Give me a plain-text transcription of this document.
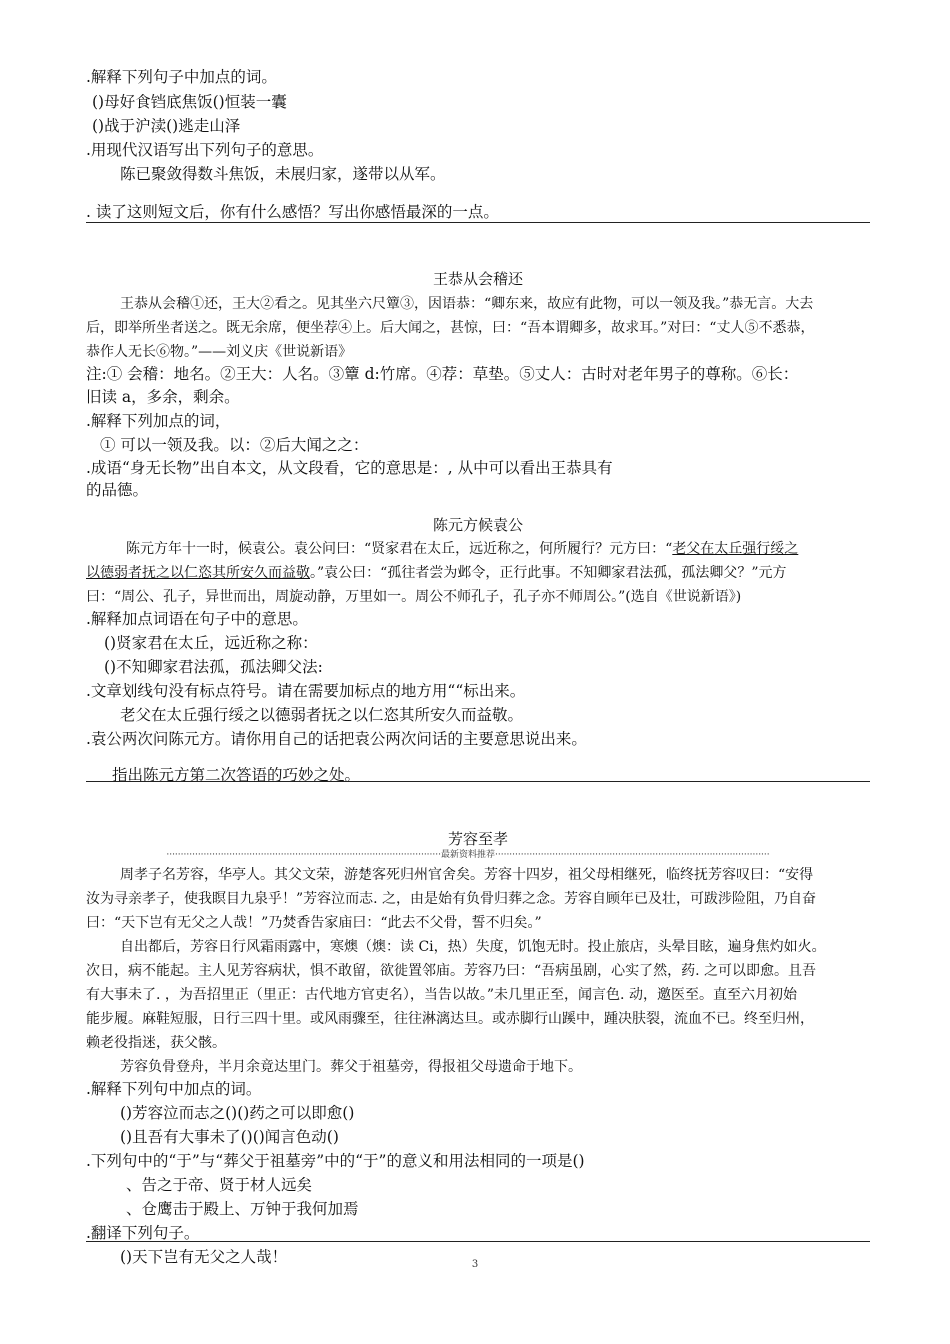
.解释下列句子中加点的词。
()母好食铛底焦饭()恒装一囊
()战于沪渎()逃走山泽
.用现代汉语写出下列句子的意思。
陈已聚敛得数斗焦饭，未展归家，遂带以从军。
. 读了这则短文后，你有什么感悟？写出你感悟最深的一点。
王恭从会稽还
王恭从会稽①还，王大②看之。见其坐六尺簟③，因语恭：“卿东来，故应有此物，可以一领及我。”恭无言。大去
后，即举所坐者送之。既无余席，便坐荐④上。后大闻之，甚惊，曰：“吾本谓卿多，故求耳。”对曰：“丈人⑤不悉恭，
恭作人无长⑥物。”——刘义庆《世说新语》
注:① 会稽：地名。②王大：人名。③簟 d:竹席。④荐：草垫。⑤丈人：古时对老年男子的尊称。⑥长：
旧读 a，多余，剩余。
.解释下列加点的词，
① 可以一领及我。以：②后大闻之之：
.成语“身无长物”出自本文，从文段看，它的意思是：, 从中可以看出王恭具有
的品德。
陈元方候袁公
陈元方年十一时，候袁公。袁公问曰：“贤家君在太丘，远近称之，何所履行？元方曰：“老父在太丘强行绥之
以德弱者抚之以仁恣其所安久而益敬。”袁公曰：“孤往者尝为邺令，正行此事。不知卿家君法孤，孤法卿父？”元方
曰：“周公、孔子，异世而出，周旋动静，万里如一。周公不师孔子，孔子亦不师周公。”(选自《世说新语》)
.解释加点词语在句子中的意思。
()贤家君在太丘，远近称之称：
()不知卿家君法孤，孤法卿父法:
.文章划线句没有标点符号。请在需要加标点的地方用““标出来。
老父在太丘强行绥之以德弱者抚之以仁恣其所安久而益敬。
.袁公两次问陈元方。请你用自己的话把袁公两次问话的主要意思说出来。
指出陈元方第二次答语的巧妙之处。
芳容至孝
································································································最新资料推荐································································································
周孝子名芳容，华亭人。其父文荣，游楚客死归州官舍矣。芳容十四岁，祖父母相继死，临终抚芳容叹曰：“安得
汝为寻亲孝子，使我瞑目九泉乎！”芳容泣而志. 之，由是始有负骨归葬之念。芳容自顾年已及壮，可跋涉险阻，乃自奋
曰：“天下岂有无父之人哉！”乃焚香告家庙曰：“此去不父骨，誓不归矣。”
自出都后，芳容日行风霜雨露中，寒燠（燠：读 Ci，热）失度，饥饱无时。投止旅店，头晕目眩，遍身焦灼如火。
次日，病不能起。主人见芳容病状，惧不敢留，欲徙置邻庙。芳容乃曰：“吾病虽剧，心实了然，药. 之可以即愈。且吾
有大事未了. ，为吾招里正（里正：古代地方官吏名），当告以故。”未几里正至，闻言色. 动，邀医至。直至六月初始
能步履。麻鞋短服，日行三四十里。或风雨骤至，往往淋漓达旦。或赤脚行山蹊中，踵决肤裂，流血不已。终至归州，
赖老役指迷，获父骸。
芳容负骨登舟，半月余竟达里门。葬父于祖墓旁，得报祖父母遗命于地下。
.解释下列句中加点的词。
()芳容泣而志之()()药之可以即愈()
()且吾有大事未了()()闻言色动()
.下列句中的“于”与“葬父于祖墓旁”中的“于”的意义和用法相同的一项是()
、告之于帝、贤于材人远矣
、仓鹰击于殿上、万钟于我何加焉
.翻译下列句子。
()天下岂有无父之人哉！	3
